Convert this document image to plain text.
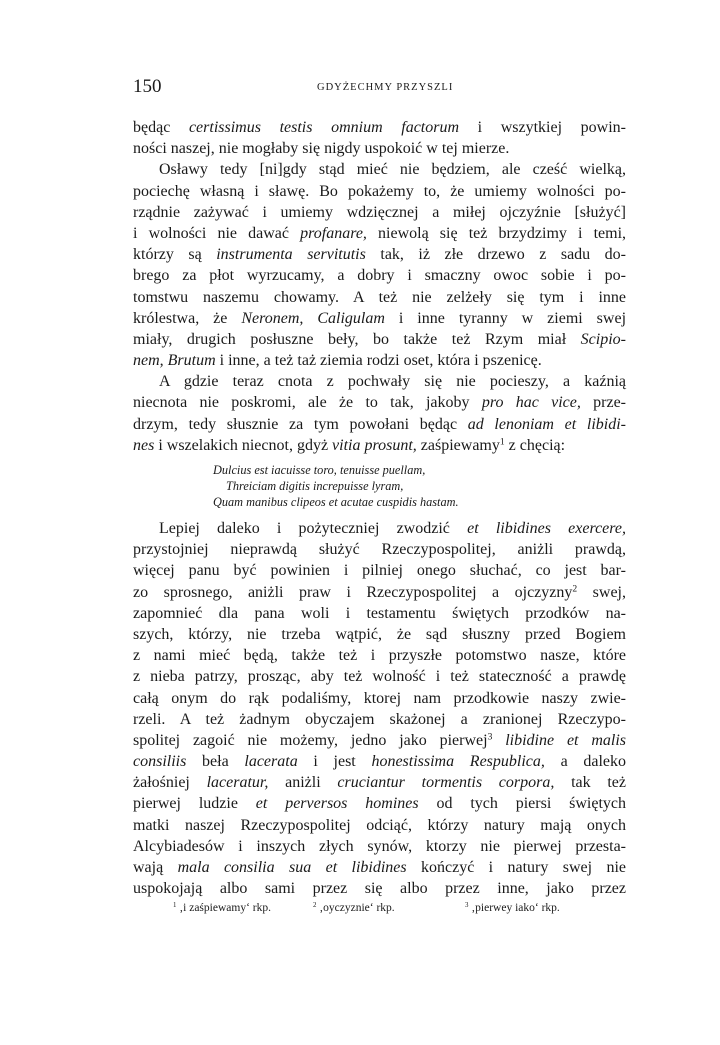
150	GDYŻECHMY PRZYSZLI
będąc certissimus testis omnium factorum i wszytkiej powin-
ności naszej, nie mogłaby się nigdy uspokoić w tej mierze.
Osławy tedy [ni]gdy stąd mieć nie będziem, ale cześć wielką,
pociechę własną i sławę. Bo pokażemy to, że umiemy wolności po-
rządnie zażywać i umiemy wdzięcznej a miłej ojczyźnie [służyć]
i wolności nie dawać profanare, niewolą się też brzydzimy i temi,
którzy są instrumenta servitutis tak, iż złe drzewo z sadu do-
brego za płot wyrzucamy, a dobry i smaczny owoc sobie i po-
tomstwu naszemu chowamy. A też nie zelżeły się tym i inne
królestwa, że Neronem, Caligulam i inne tyranny w ziemi swej
miały, drugich posłuszne beły, bo także też Rzym miał Scipio-
nem, Brutum i inne, a też taż ziemia rodzi oset, która i pszenicę.
A gdzie teraz cnota z pochwały się nie pocieszy, a kaźnią
niecnota nie poskromi, ale że to tak, jakoby pro hac vice, prze-
drzym, tedy słusznie za tym powołani będąc ad lenoniam et libidi-
nes i wszelakich niecnot, gdyż vitia prosunt, zaśpiewamy$^1$ z chęcią:
Dulcius est iacuisse toro, tenuisse puellam,
Threiciam digitis increpuisse lyram,
Quam manibus clipeos et acutae cuspidis hastam.
Lepiej daleko i pożyteczniej zwodzić et libidines exercere,
przystojniej nieprawdą służyć Rzeczypospolitej, aniżli prawdą,
więcej panu być powinien i pilniej onego słuchać, co jest bar-
zo sprosnego, aniżli praw i Rzeczypospolitej a ojczyzny$^2$ swej,
zapomnieć dla pana woli i testamentu świętych przodków na-
szych, którzy, nie trzeba wątpić, że sąd słuszny przed Bogiem
z nami mieć będą, także też i przyszłe potomstwo nasze, które
z nieba patrzy, prosząc, aby też wolność i też stateczność a prawdę
całą onym do rąk podaliśmy, ktorej nam przodkowie naszy zwie-
rzeli. A też żadnym obyczajem skażonej a zranionej Rzeczypo-
spolitej zagoić nie możemy, jedno jako pierwej$^3$ libidine et malis
consiliis beła lacerata i jest honestissima Respublica, a daleko
żałośniej laceratur, aniżli cruciantur tormentis corpora, tak też
pierwej ludzie et perversos homines od tych piersi świętych
matki naszej Rzeczypospolitej odciąć, którzy natury mają onych
Alcybiadesów i inszych złych synów, ktorzy nie pierwej przesta-
wają mala consilia sua et libidines kończyć i natury swej nie
uspokojają albo sami przez się albo przez inne, jako przez
$^1$ ‚i zaśpiewamy‘ rkp.	$^2$ ‚oyczyznie‘ rkp.	$^3$ ‚pierwey iako‘ rkp.
